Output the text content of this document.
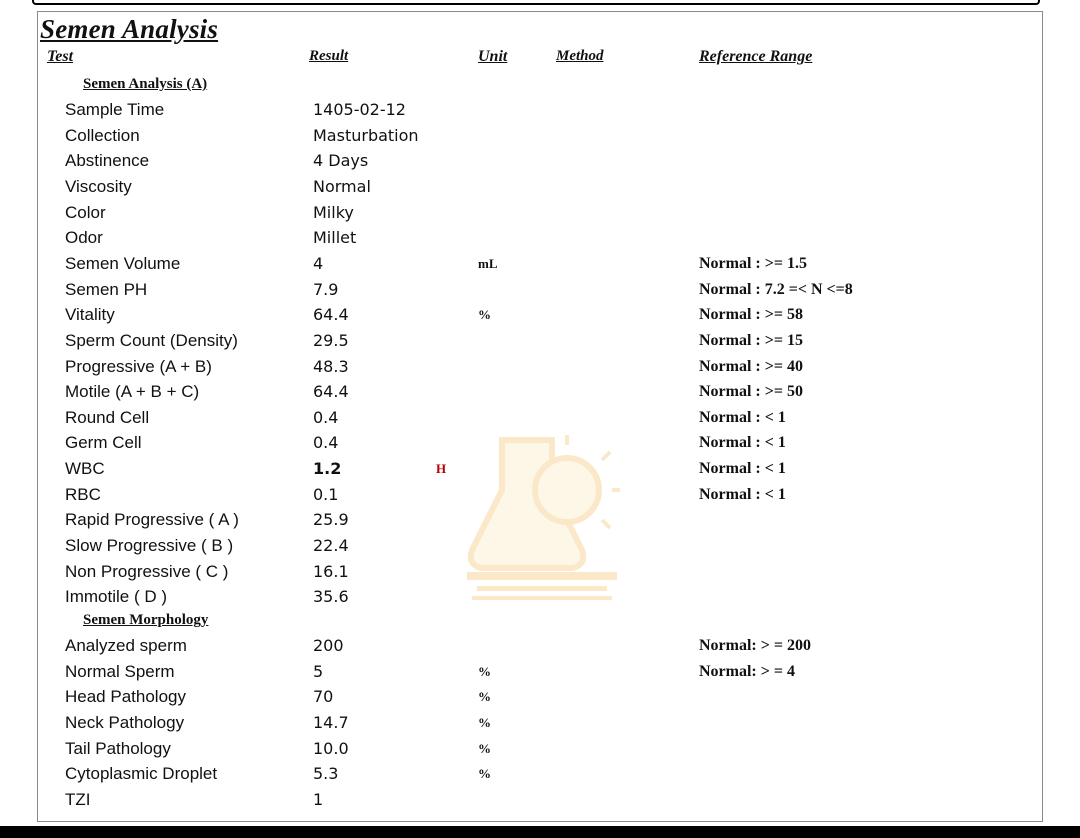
Semen Analysis
Test	Result	Unit	Method	Reference Range
Semen Analysis (A)
Sample Time	1405-02-12
Collection	Masturbation
Abstinence	4 Days
Viscosity	Normal
Color	Milky
Odor	Millet
Semen Volume	4	mL	Normal : >= 1.5
Semen PH	7.9	Normal : 7.2 =< N <=8
Vitality	64.4	%	Normal : >= 58
Sperm Count (Density)	29.5	Normal : >= 15
Progressive (A + B)	48.3	Normal : >= 40
Motile (A + B + C)	64.4	Normal : >= 50
Round Cell	0.4	Normal : < 1
Germ Cell	0.4	Normal : < 1
WBC	1.2	H	Normal : < 1
RBC	0.1	Normal : < 1
Rapid Progressive ( A )	25.9
Slow Progressive ( B )	22.4
Non Progressive ( C )	16.1
Immotile ( D )	35.6
Semen Morphology
Analyzed sperm	200	Normal: > = 200
Normal Sperm	5	%	Normal: > = 4
Head Pathology	70	%
Neck Pathology	14.7	%
Tail Pathology	10.0	%
Cytoplasmic Droplet	5.3	%
TZI	1
